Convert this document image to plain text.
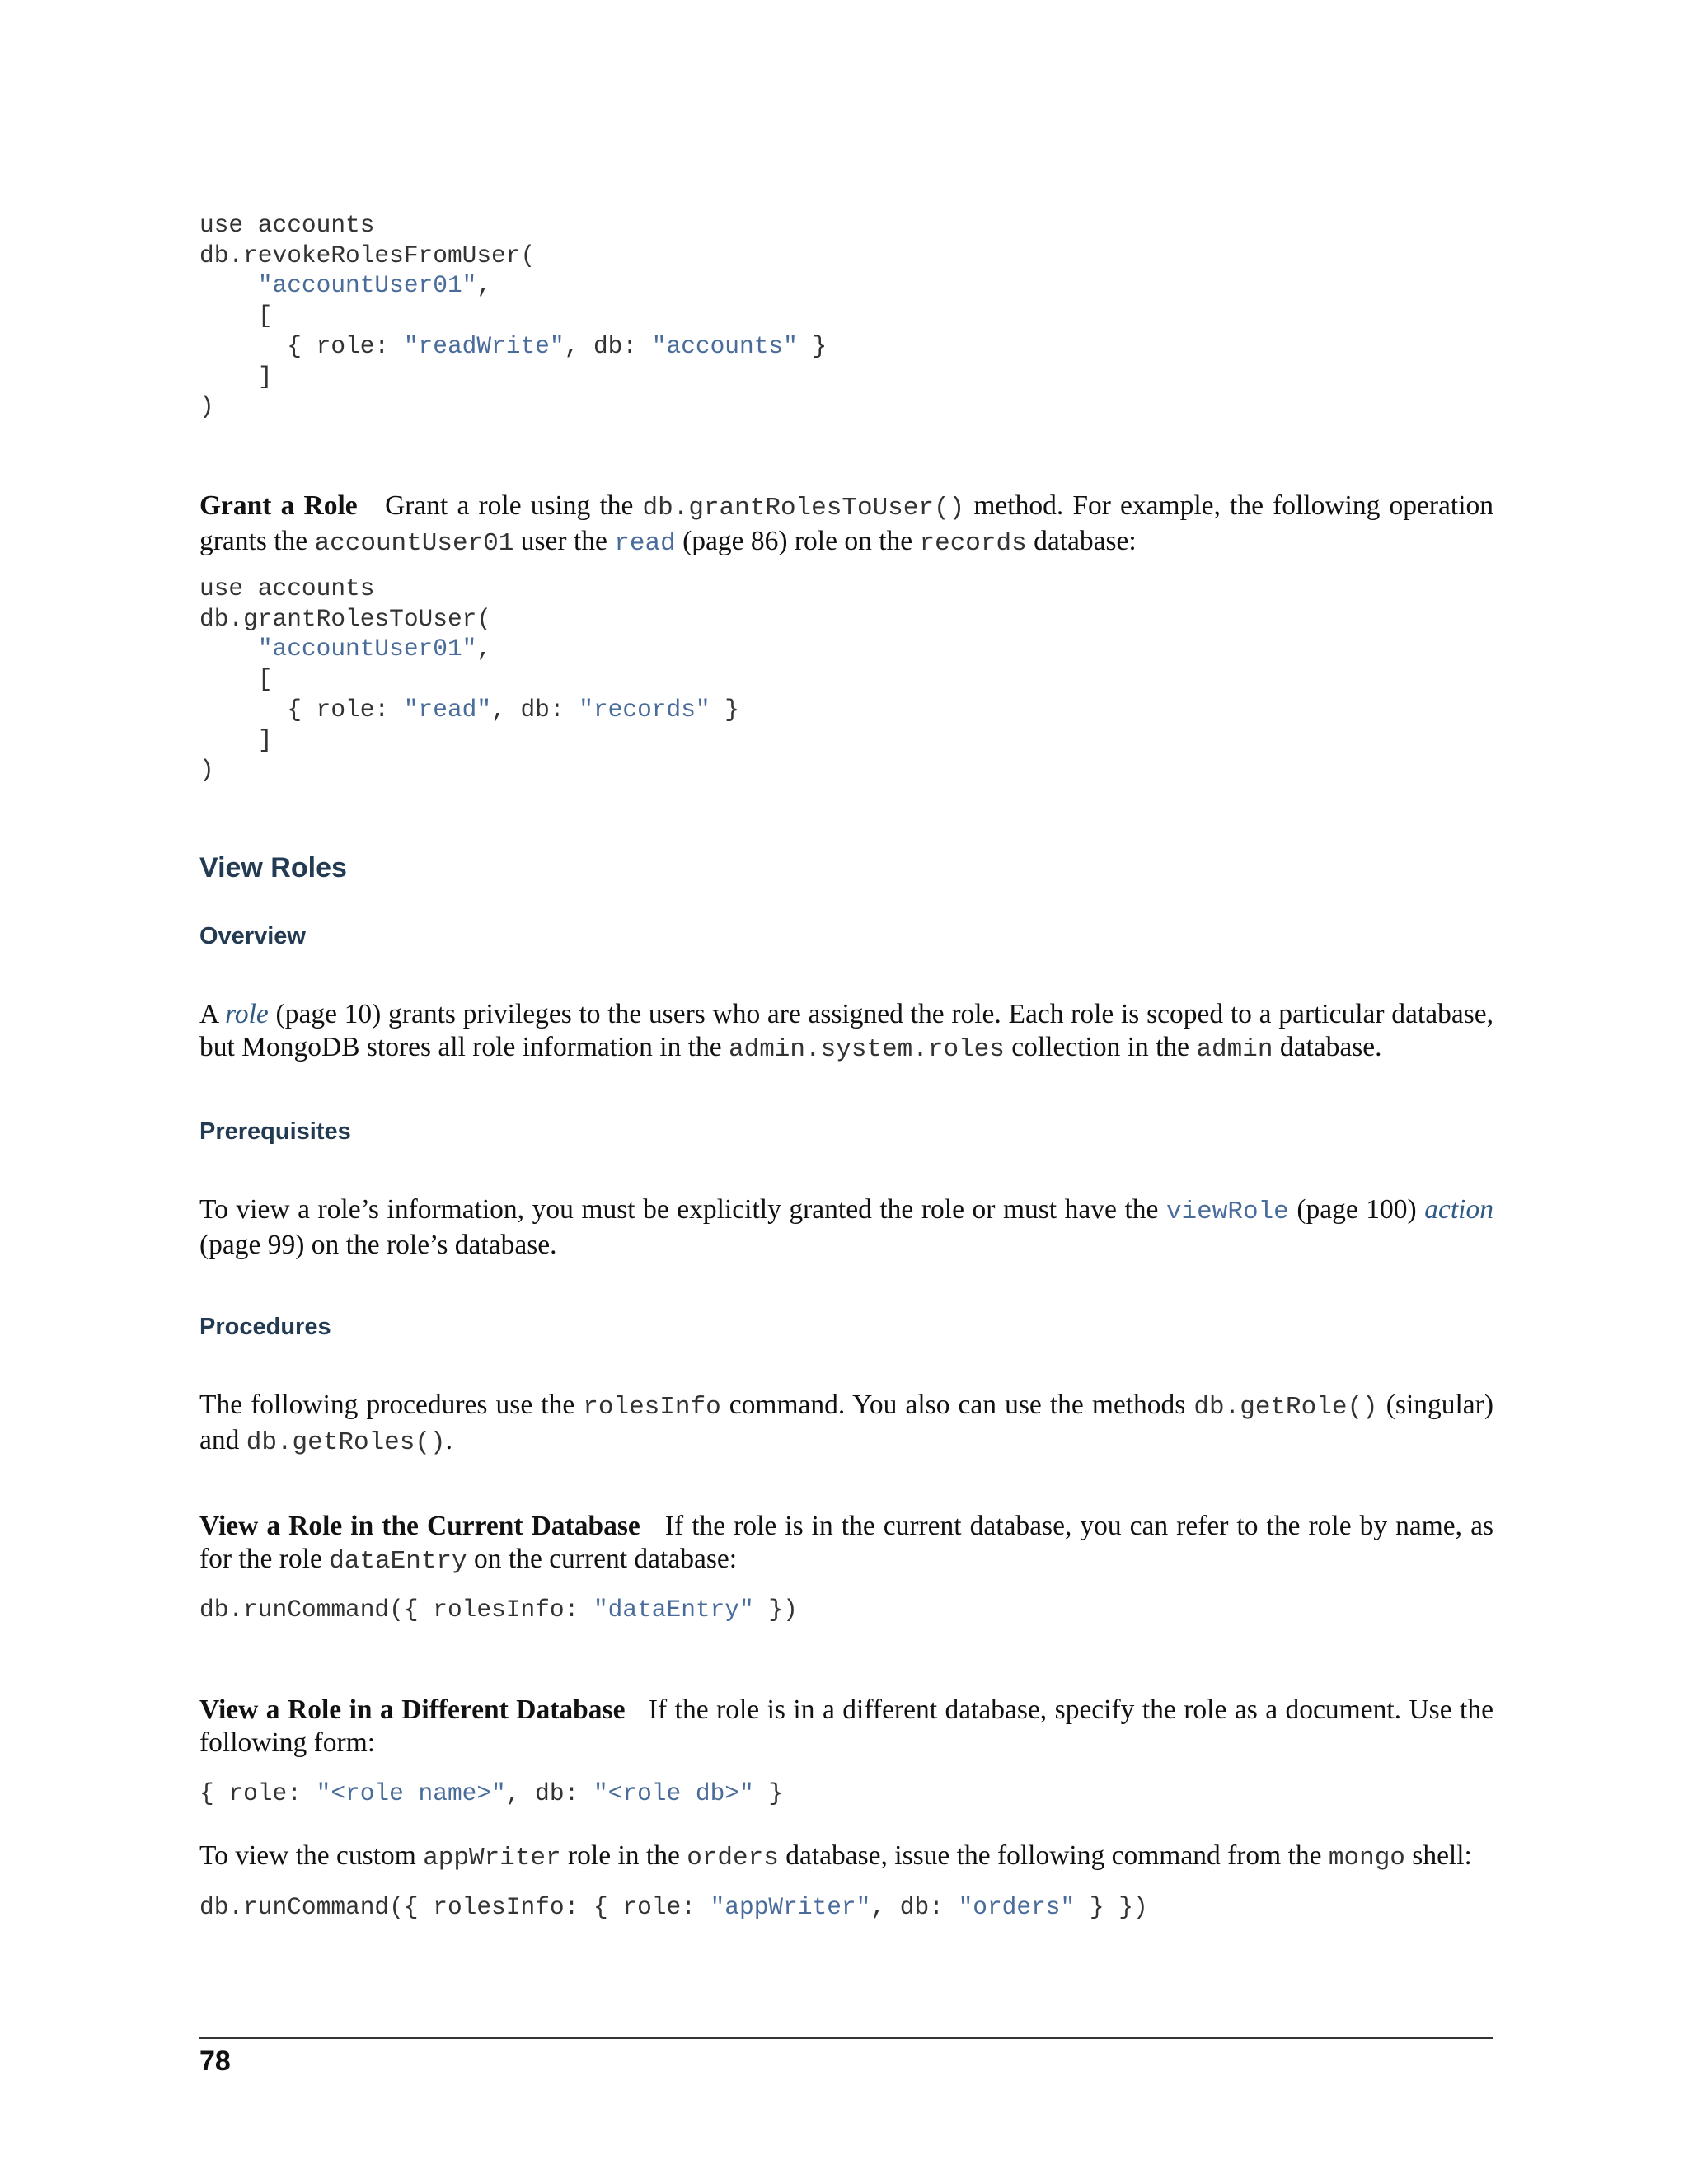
use accounts
db.revokeRolesFromUser(
"accountUser01",
[
{ role: "readWrite", db: "accounts" }
]
)

Grant a Role Grant a role using the db.grantRolesToUser() method. For example, the following operation grants the accountUser01 user the read (page 86) role on the records database:

use accounts
db.grantRolesToUser(
"accountUser01",
[
{ role: "read", db: "records" }
]
)
View Roles
Overview

A role (page 10) grants privileges to the users who are assigned the role. Each role is scoped to a particular database, but MongoDB stores all role information in the admin.system.roles collection in the admin database.

Prerequisites

To view a role’s information, you must be explicitly granted the role or must have the viewRole (page 100) action (page 99) on the role’s database.

Procedures

The following procedures use the rolesInfo command. You also can use the methods db.getRole() (singular) and db.getRoles().

View a Role in the Current Database If the role is in the current database, you can refer to the role by name, as for the role dataEntry on the current database:

db.runCommand({ rolesInfo: "dataEntry" })

View a Role in a Different Database If the role is in a different database, specify the role as a document. Use the following form:

{ role: "<role name>", db: "<role db>" }

To view the custom appWriter role in the orders database, issue the following command from the mongo shell:

db.runCommand({ rolesInfo: { role: "appWriter", db: "orders" } })
78
